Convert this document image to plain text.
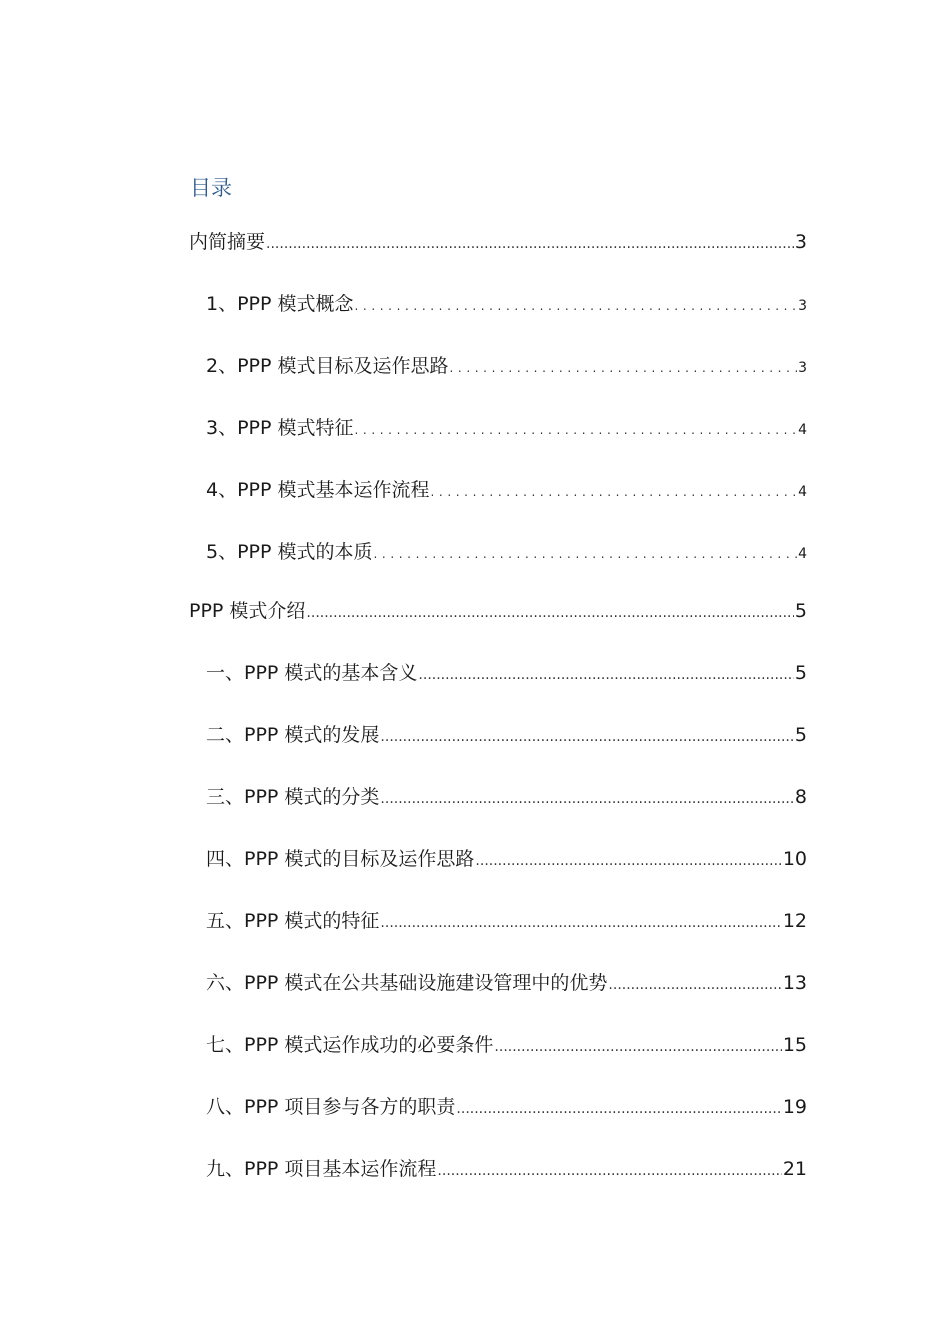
目录
内简摘要 .....	3
1、PPP 模式概念 .....	3
2、PPP 模式目标及运作思路 .....	3
3、PPP 模式特征 .....	4
4、PPP 模式基本运作流程 .....	4
5、PPP 模式的本质 .....	4
PPP 模式介绍 .....	5
一、PPP 模式的基本含义 .....	5
二、PPP 模式的发展 .....	5
三、PPP 模式的分类 .....	8
四、PPP 模式的目标及运作思路 .....	10
五、PPP 模式的特征 .....	12
六、PPP 模式在公共基础设施建设管理中的优势 .....	13
七、PPP 模式运作成功的必要条件 .....	15
八、PPP 项目参与各方的职责 .....	19
九、PPP 项目基本运作流程 .....	21
